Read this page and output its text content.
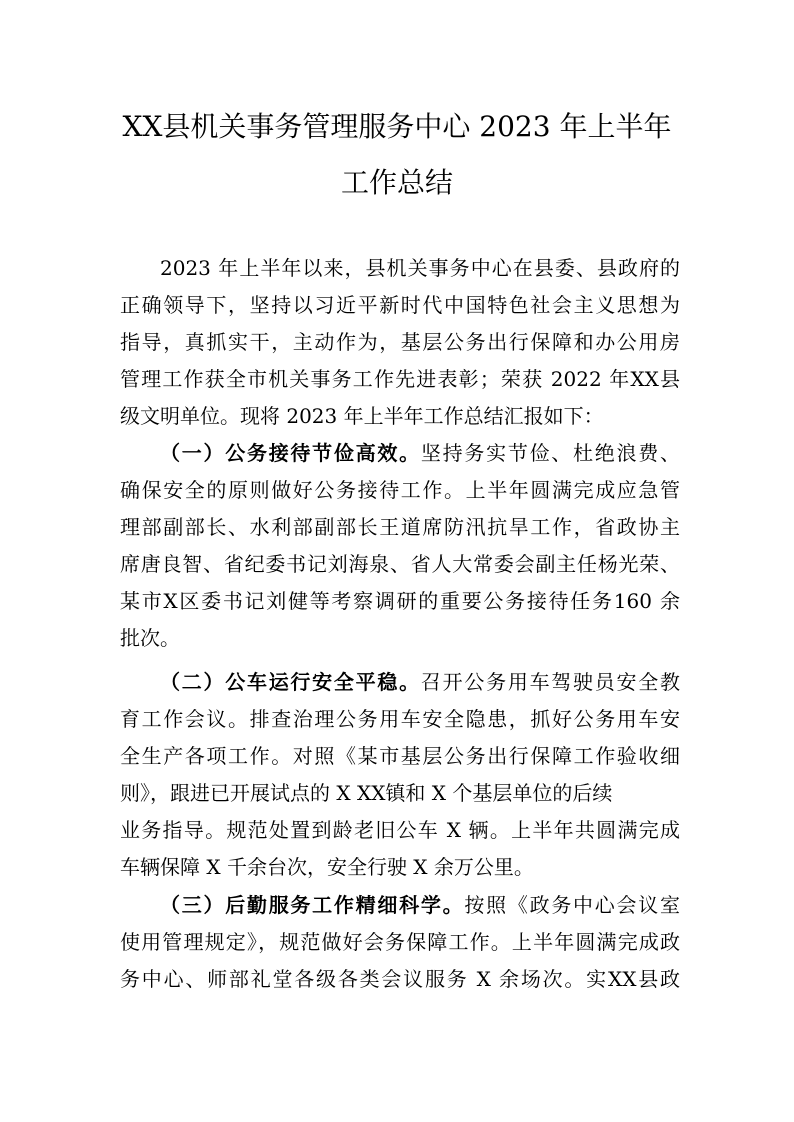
XX县机关事务管理服务中心 2023 年上半年
工作总结
2023 年上半年以来，县机关事务中心在县委、县政府的
正确领导下，坚持以习近平新时代中国特色社会主义思想为
指导，真抓实干，主动作为，基层公务出行保障和办公用房
管理工作获全市机关事务工作先进表彰；荣获 2022 年XX县
级文明单位。现将 2023 年上半年工作总结汇报如下：
（一）公务接待节俭高效。坚持务实节俭、杜绝浪费、
确保安全的原则做好公务接待工作。上半年圆满完成应急管
理部副部长、水利部副部长王道席防汛抗旱工作，省政协主
席唐良智、省纪委书记刘海泉、省人大常委会副主任杨光荣、
某市X区委书记刘健等考察调研的重要公务接待任务160 余
批次。
（二）公车运行安全平稳。召开公务用车驾驶员安全教
育工作会议。排查治理公务用车安全隐患，抓好公务用车安
全生产各项工作。对照《某市基层公务出行保障工作验收细
则》，跟进已开展试点的 X XX镇和 X 个基层单位的后续
业务指导。规范处置到龄老旧公车 X 辆。上半年共圆满完成
车辆保障 X 千余台次，安全行驶 X 余万公里。
（三）后勤服务工作精细科学。按照《政务中心会议室
使用管理规定》，规范做好会务保障工作。上半年圆满完成政
务中心、师部礼堂各级各类会议服务 X 余场次。实XX县政
